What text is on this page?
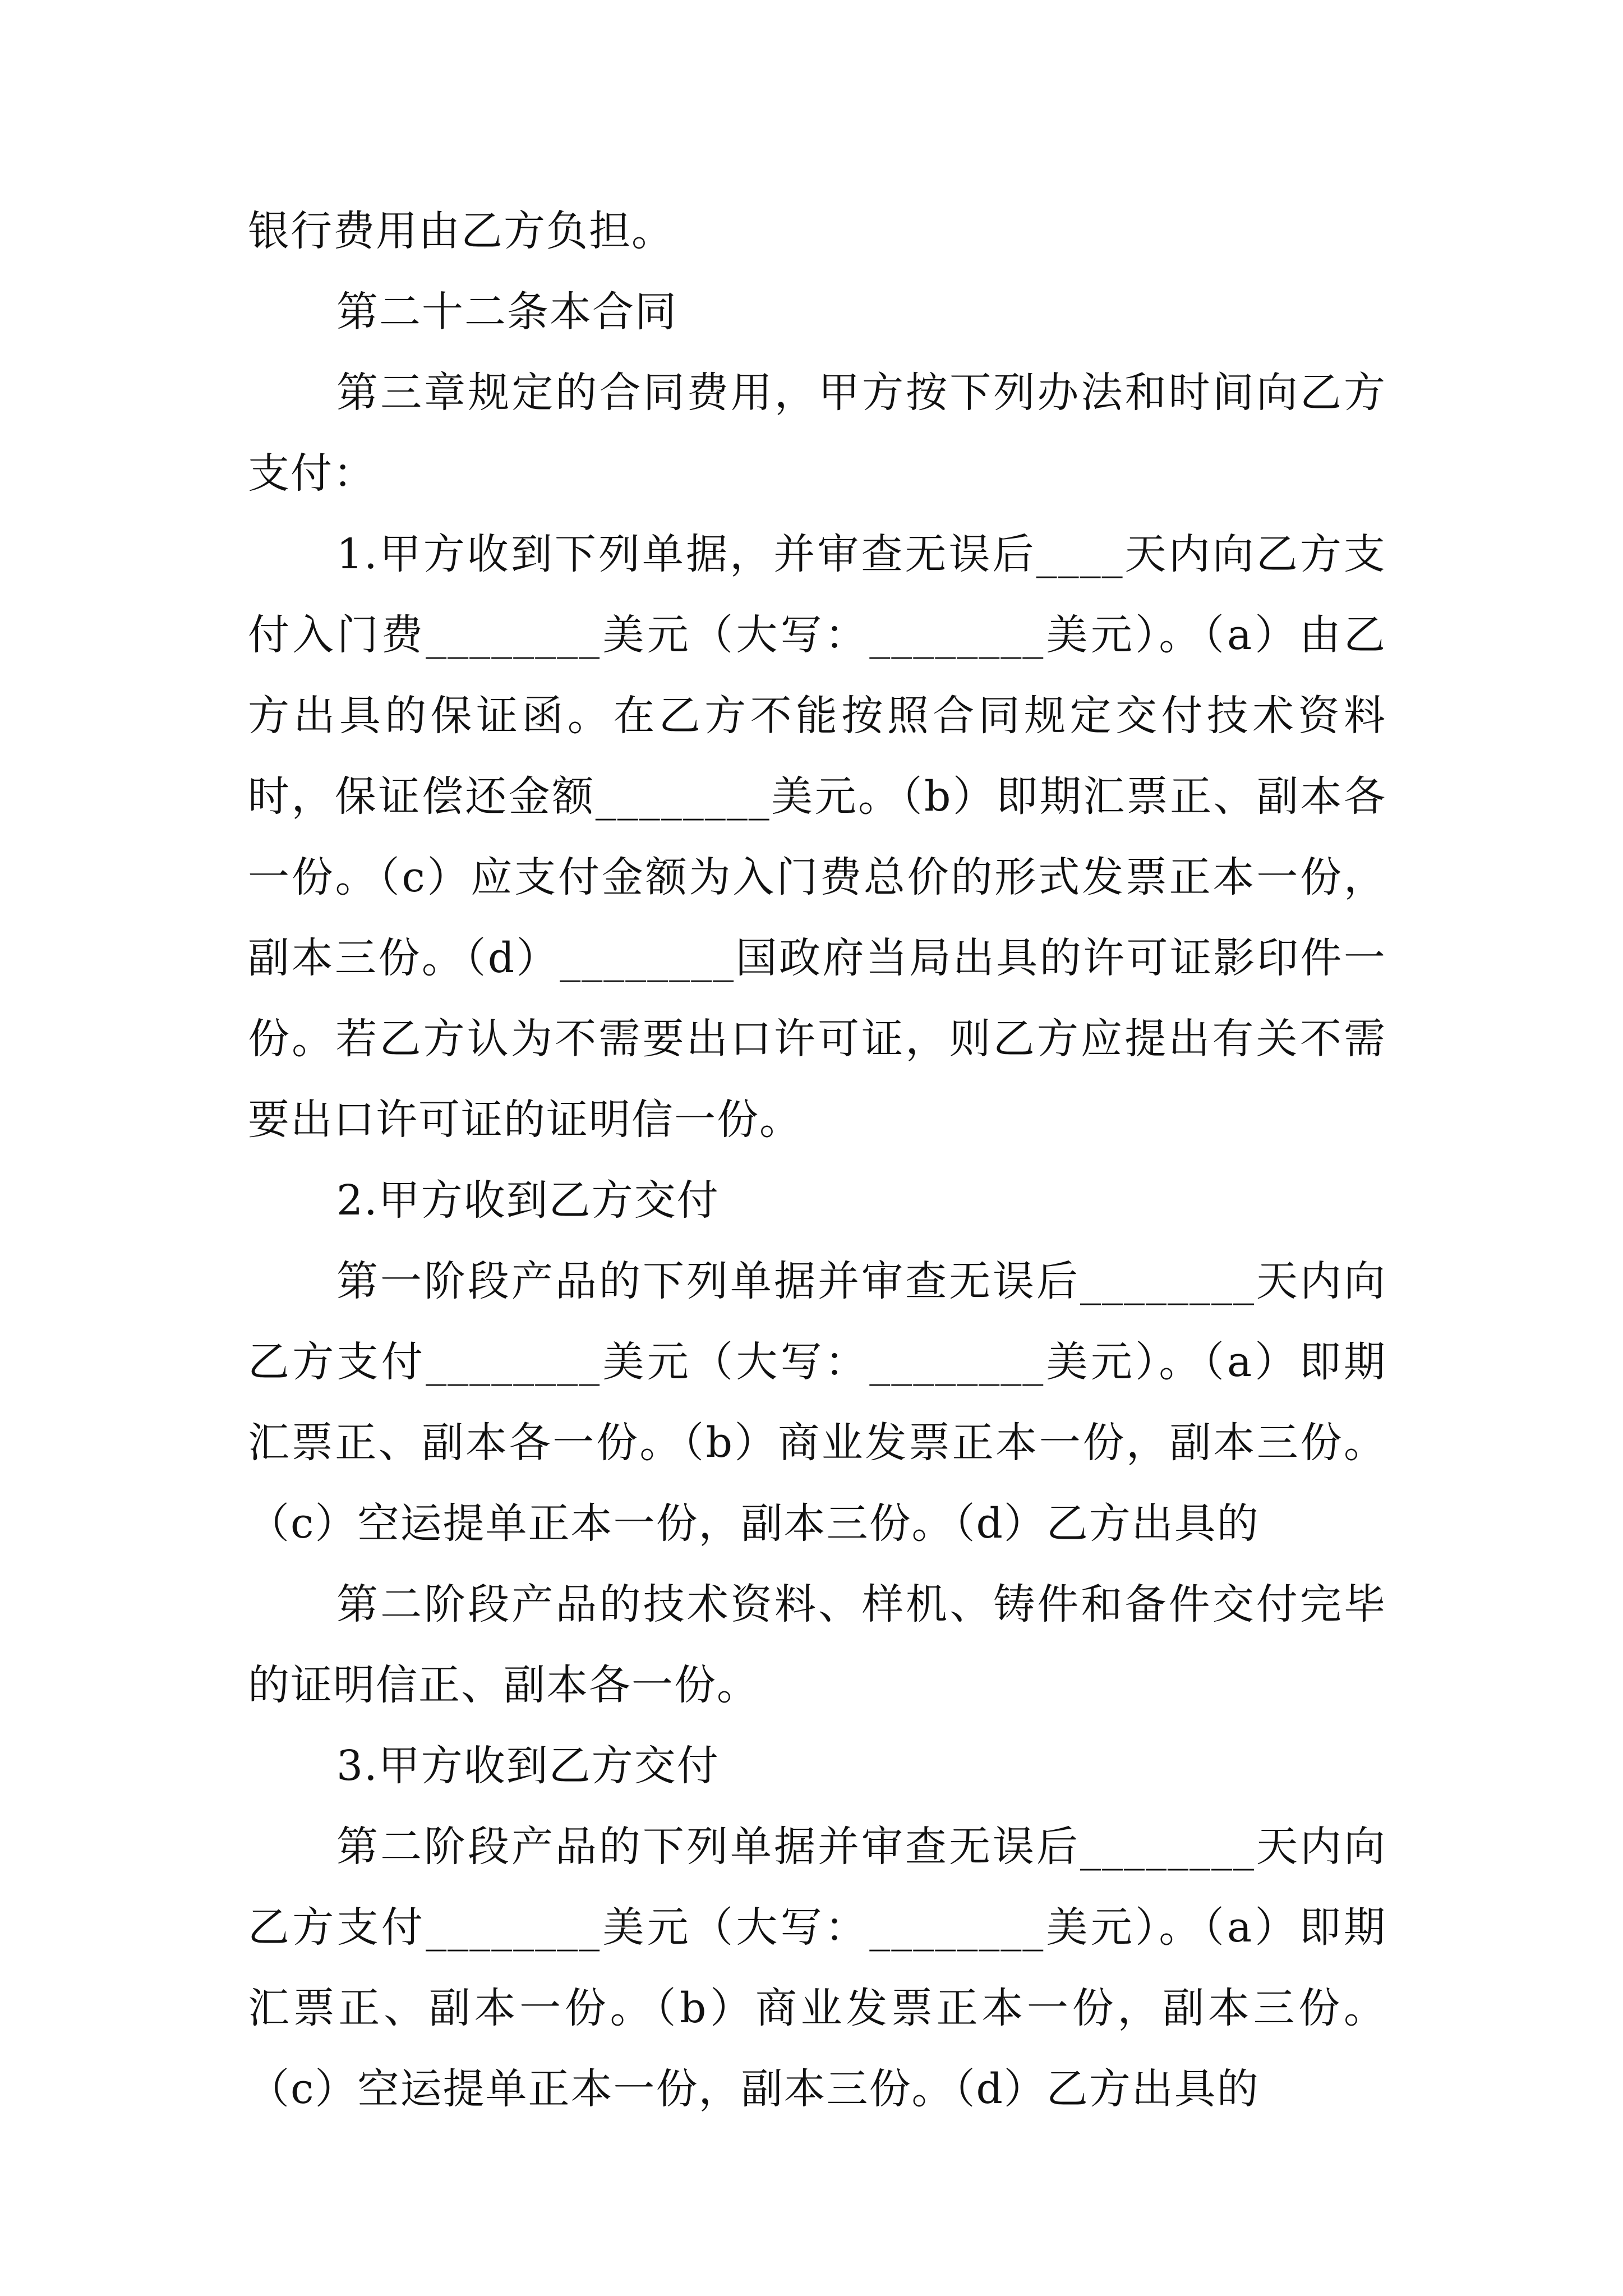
银行费用由乙方负担。

第二十二条本合同

第三章规定的合同费用，甲方按下列办法和时间向乙方支付：

1.甲方收到下列单据，并审查无误后____天内向乙方支付入门费________美元（大写：________美元）。（a）由乙方出具的保证函。在乙方不能按照合同规定交付技术资料时，保证偿还金额________美元。（b）即期汇票正、副本各一份。（c）应支付金额为入门费总价的形式发票正本一份，副本三份。（d）________国政府当局出具的许可证影印件一份。若乙方认为不需要出口许可证，则乙方应提出有关不需要出口许可证的证明信一份。

2.甲方收到乙方交付

第一阶段产品的下列单据并审查无误后________天内向乙方支付________美元（大写：________美元）。（a）即期汇票正、副本各一份。（b）商业发票正本一份，副本三份。（c）空运提单正本一份，副本三份。（d）乙方出具的

第二阶段产品的技术资料、样机、铸件和备件交付完毕的证明信正、副本各一份。

3.甲方收到乙方交付

第二阶段产品的下列单据并审查无误后________天内向乙方支付________美元（大写：________美元）。（a）即期汇票正、副本一份。（b）商业发票正本一份，副本三份。（c）空运提单正本一份，副本三份。（d）乙方出具的
